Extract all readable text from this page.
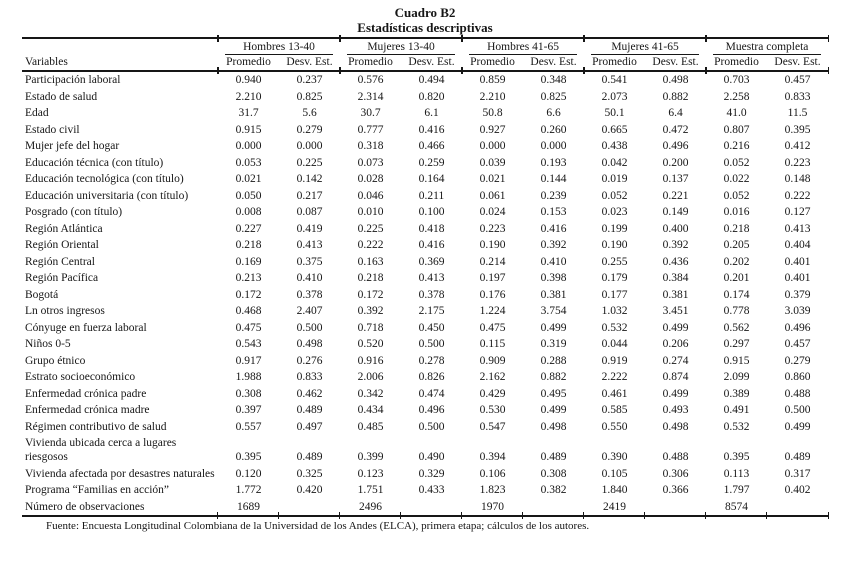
Cuadro B2
Estadísticas descriptivas

	Hombres 13-40		Mujeres 13-40		Hombres 41-65		Mujeres 41-65		Muestra completa	

Variables	Promedio	Desv. Est.	Promedio	Desv. Est.	Promedio	Desv. Est.	Promedio	Desv. Est.	Promedio	Desv. Est.
Participación laboral	0.940	0.237	0.576	0.494	0.859	0.348	0.541	0.498	0.703	0.457
Estado de salud	2.210	0.825	2.314	0.820	2.210	0.825	2.073	0.882	2.258	0.833
Edad	31.7	5.6	30.7	6.1	50.8	6.6	50.1	6.4	41.0	11.5
Estado civil	0.915	0.279	0.777	0.416	0.927	0.260	0.665	0.472	0.807	0.395
Mujer jefe del hogar	0.000	0.000	0.318	0.466	0.000	0.000	0.438	0.496	0.216	0.412
Educación técnica (con título)	0.053	0.225	0.073	0.259	0.039	0.193	0.042	0.200	0.052	0.223
Educación tecnológica (con título)	0.021	0.142	0.028	0.164	0.021	0.144	0.019	0.137	0.022	0.148
Educación universitaria (con título)	0.050	0.217	0.046	0.211	0.061	0.239	0.052	0.221	0.052	0.222
Posgrado (con título)	0.008	0.087	0.010	0.100	0.024	0.153	0.023	0.149	0.016	0.127
Región Atlántica	0.227	0.419	0.225	0.418	0.223	0.416	0.199	0.400	0.218	0.413
Región Oriental	0.218	0.413	0.222	0.416	0.190	0.392	0.190	0.392	0.205	0.404
Región Central	0.169	0.375	0.163	0.369	0.214	0.410	0.255	0.436	0.202	0.401
Región Pacífica	0.213	0.410	0.218	0.413	0.197	0.398	0.179	0.384	0.201	0.401
Bogotá	0.172	0.378	0.172	0.378	0.176	0.381	0.177	0.381	0.174	0.379
Ln otros ingresos	0.468	2.407	0.392	2.175	1.224	3.754	1.032	3.451	0.778	3.039
Cónyuge en fuerza laboral	0.475	0.500	0.718	0.450	0.475	0.499	0.532	0.499	0.562	0.496
Niños 0-5	0.543	0.498	0.520	0.500	0.115	0.319	0.044	0.206	0.297	0.457
Grupo étnico	0.917	0.276	0.916	0.278	0.909	0.288	0.919	0.274	0.915	0.279
Estrato socioeconómico	1.988	0.833	2.006	0.826	2.162	0.882	2.222	0.874	2.099	0.860
Enfermedad crónica padre	0.308	0.462	0.342	0.474	0.429	0.495	0.461	0.499	0.389	0.488
Enfermedad crónica madre	0.397	0.489	0.434	0.496	0.530	0.499	0.585	0.493	0.491	0.500
Régimen contributivo de salud	0.557	0.497	0.485	0.500	0.547	0.498	0.550	0.498	0.532	0.499
Vivienda ubicada cerca a lugares riesgosos	0.395	0.489	0.399	0.490	0.394	0.489	0.390	0.488	0.395	0.489
Vivienda afectada por desastres naturales	0.120	0.325	0.123	0.329	0.106	0.308	0.105	0.306	0.113	0.317
Programa “Familias en acción”	1.772	0.420	1.751	0.433	1.823	0.382	1.840	0.366	1.797	0.402
Número de observaciones	1689		2496		1970		2419		8574	
Fuente: Encuesta Longitudinal Colombiana de la Universidad de los Andes (ELCA), primera etapa; cálculos de los autores.
